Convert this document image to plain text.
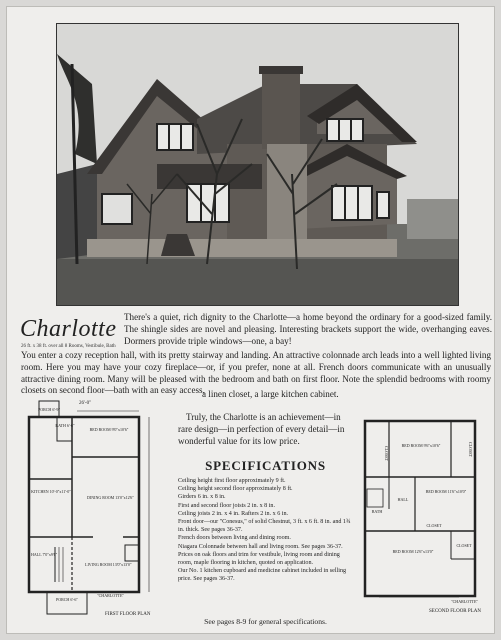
Charlotte
26 ft. x 38 ft. over all 8 Rooms, Vestibule, Bath
There's a quiet, rich dignity to the Charlotte—a home beyond the ordinary for a good-sized family. The shingle sides are novel and pleasing. Interesting brackets support the wide, overhanging eaves. Dormers provide triple windows—one, a bay!

You enter a cozy reception hall, with its pretty stairway and landing. An attractive colonnade arch leads into a well lighted living room. Here you may have your cozy fireplace—or, if you prefer, none at all. French doors communicate with an unusually attractive dining room. Many will be pleased with the bedroom and bath on first floor. Note the splendid bedrooms with roomy closets on second floor—bath with an easy access,

a linen closet, a large kitchen cabinet.

Truly, the Charlotte is an achievement—in rare design—in perfection of every detail—in wonderful value for its low price.

SPECIFICATIONS
Ceiling height first floor approximately 9 ft.
Ceiling height second floor approximately 8 ft.
Girders 6 in. x 8 in.
First and second floor joists 2 in. x 8 in.
Ceiling joists 2 in. x 4 in. Rafters 2 in. x 6 in.
Front door—our "Conesus," of solid Chestnut, 3 ft. x 6 ft. 8 in. and 1¾ in. thick. See pages 36-37.
French doors between living and dining room.
Niagara Colonnade between hall and living room. See pages 36-37.
Prices on oak floors and trim for vestibule, living room and dining room, maple flooring in kitchen, quoted on application.
Our No. 1 kitchen cupboard and medicine cabinet included in selling price. See pages 36-37.
See pages 8-9 for general specifications.
26'-0"
PORCH 6'-9"
BATH 6'-6"
BED ROOM 9'0"x10'6"
KITCHEN 10'-0"x11'-0"
DINING ROOM 13'0"x12'6"
HALL 7'0"x9'6"
LIVING ROOM 13'0"x13'0"
PORCH 6'-6"
"CHARLOTTE"
FIRST FLOOR PLAN
CLOSET
BED ROOM 9'6"x10'6"	CLOSET
BATH
HALL
BED ROOM 11'6"x10'0"
CLOSET
BED ROOM 12'6"x13'0"
CLOSET
"CHARLOTTE"
SECOND FLOOR PLAN
